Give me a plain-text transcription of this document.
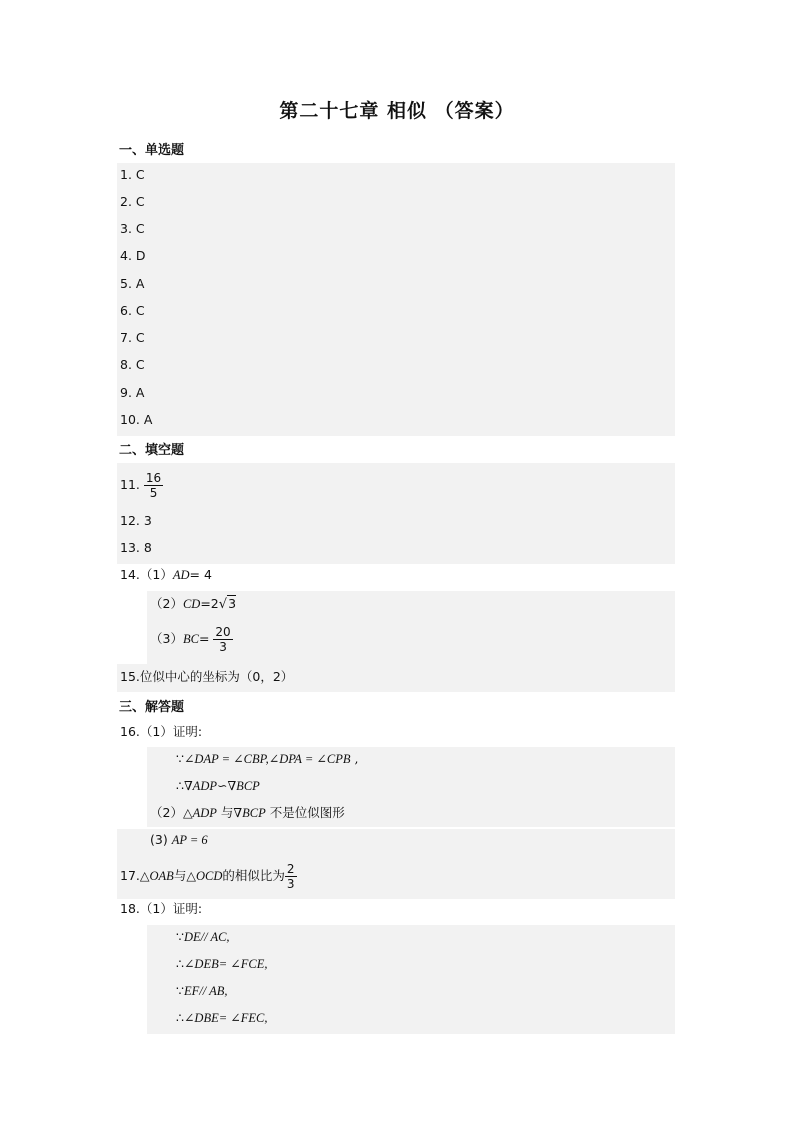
第二十七章 相似 （答案）
一、单选题
1. C
2. C
3. C
4. D
5. A
6. C
7. C
8. C
9. A
10. A
二、填空题
11.
$\frac{16}{5}$
12. 3
13. 8
14.（1）AD= 4
（2）CD=2√3
（3） BC =
$\frac{20}{3}$
15.位似中心的坐标为（0，2）
三、解答题
16.（1）证明:
∵∠DAP = ∠CBP,∠DPA = ∠CPB ,
∴∇ADP∽∇BCP
（2）△ADP 与∇BCP 不是位似图形
(3) AP = 6
17. △ OAB 与△ OCD 的相似比为 $\frac{2}{3}$
18.（1）证明:
∵DE// AC,
∴∠DEB= ∠FCE,
∵EF// AB,
∴∠DBE= ∠FEC,
